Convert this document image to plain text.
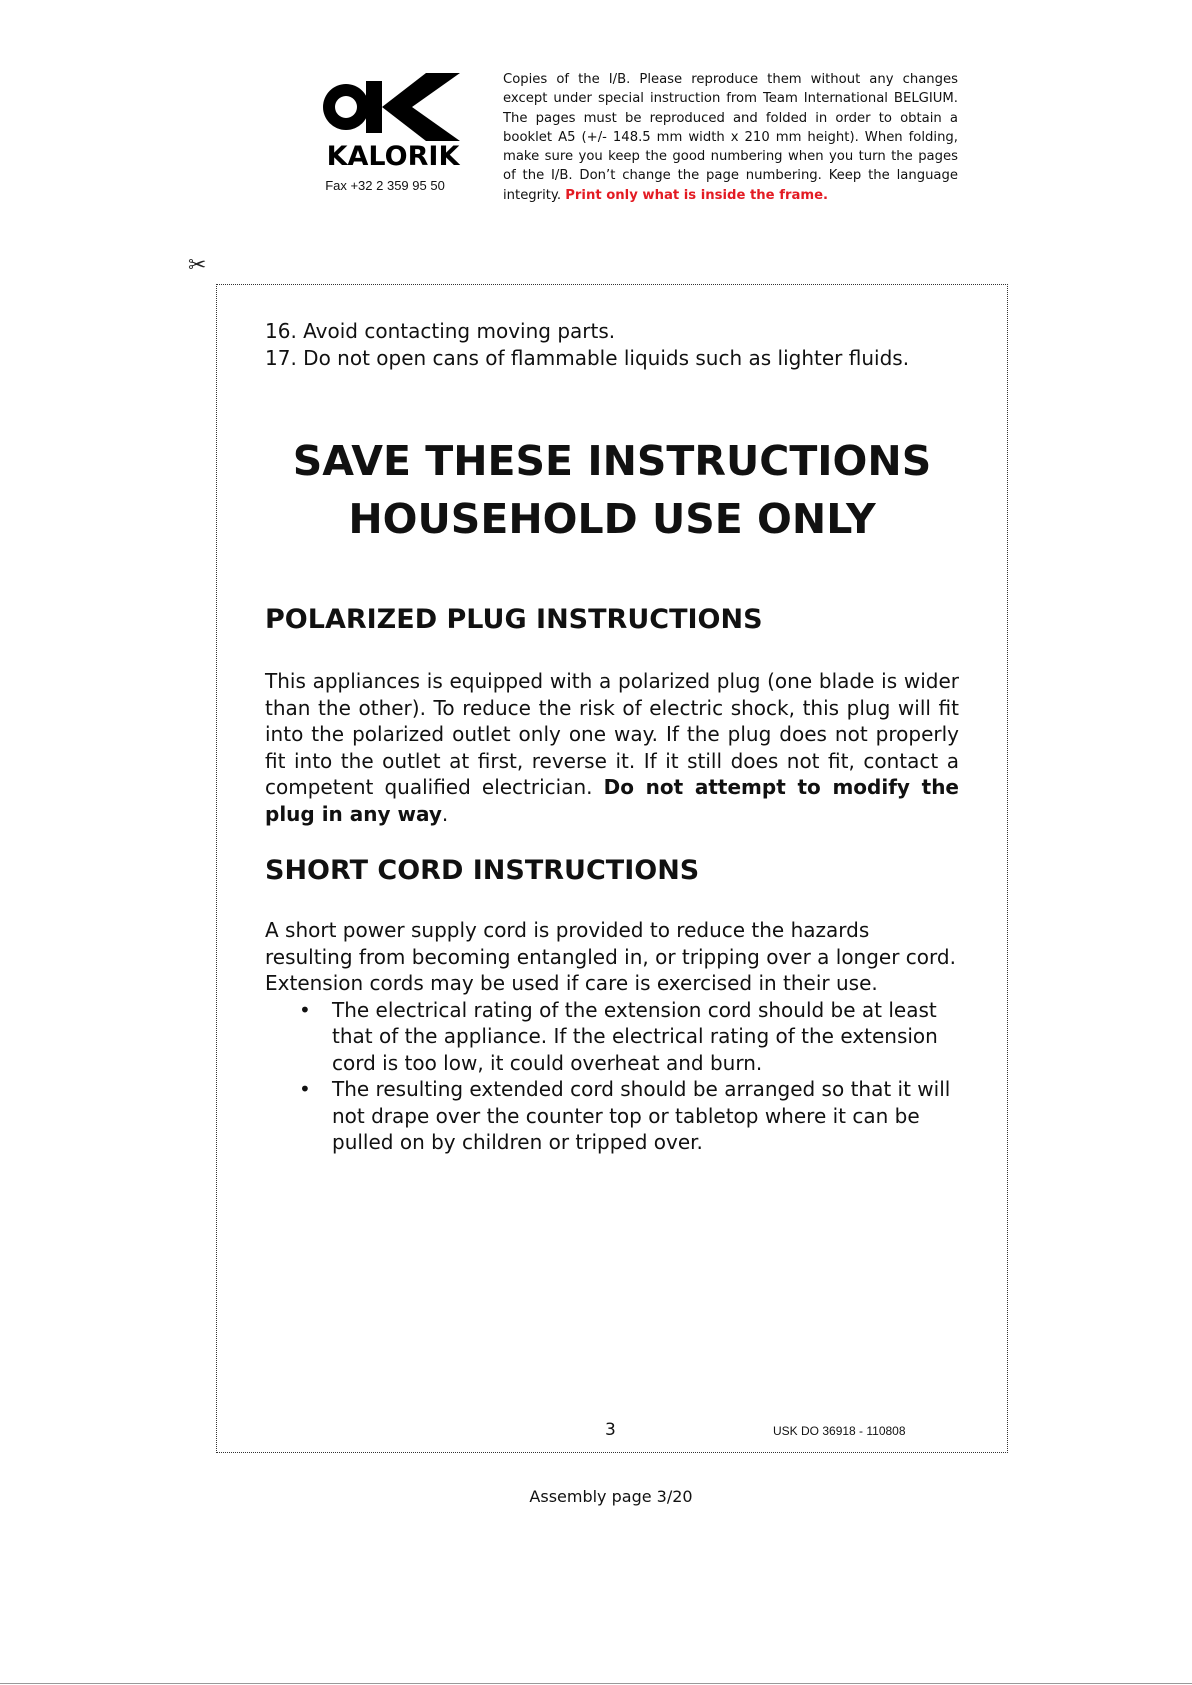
KALORIK
Fax +32 2 359 95 50
Copies of the I/B. Please reproduce them without any changes except under special instruction from Team International BELGIUM. The pages must be reproduced and folded in order to obtain a booklet A5 (+/- 148.5 mm width x 210 mm height). When folding, make sure you keep the good numbering when you turn the pages of the I/B. Don’t change the page numbering. Keep the language integrity. Print only what is inside the frame.
✂

16. Avoid contacting moving parts.

17. Do not open cans of flammable liquids such as lighter fluids.

SAVE THESE INSTRUCTIONS
HOUSEHOLD USE ONLY

POLARIZED PLUG INSTRUCTIONS

This appliances is equipped with a polarized plug (one blade is wider than the other). To reduce the risk of electric shock, this plug will fit into the polarized outlet only one way. If the plug does not properly fit into the outlet at first, reverse it. If it still does not fit, contact a competent qualified electrician. Do not attempt to modify the plug in any way.

SHORT CORD INSTRUCTIONS

A short power supply cord is provided to reduce the hazards resulting from becoming entangled in, or tripping over a longer cord.

Extension cords may be used if care is exercised in their use.

• The electrical rating of the extension cord should be at least that of the appliance. If the electrical rating of the extension cord is too low, it could overheat and burn.
• The resulting extended cord should be arranged so that it will not drape over the counter top or tabletop where it can be pulled on by children or tripped over.
3	USK DO 36918 - 110808
Assembly page 3/20
